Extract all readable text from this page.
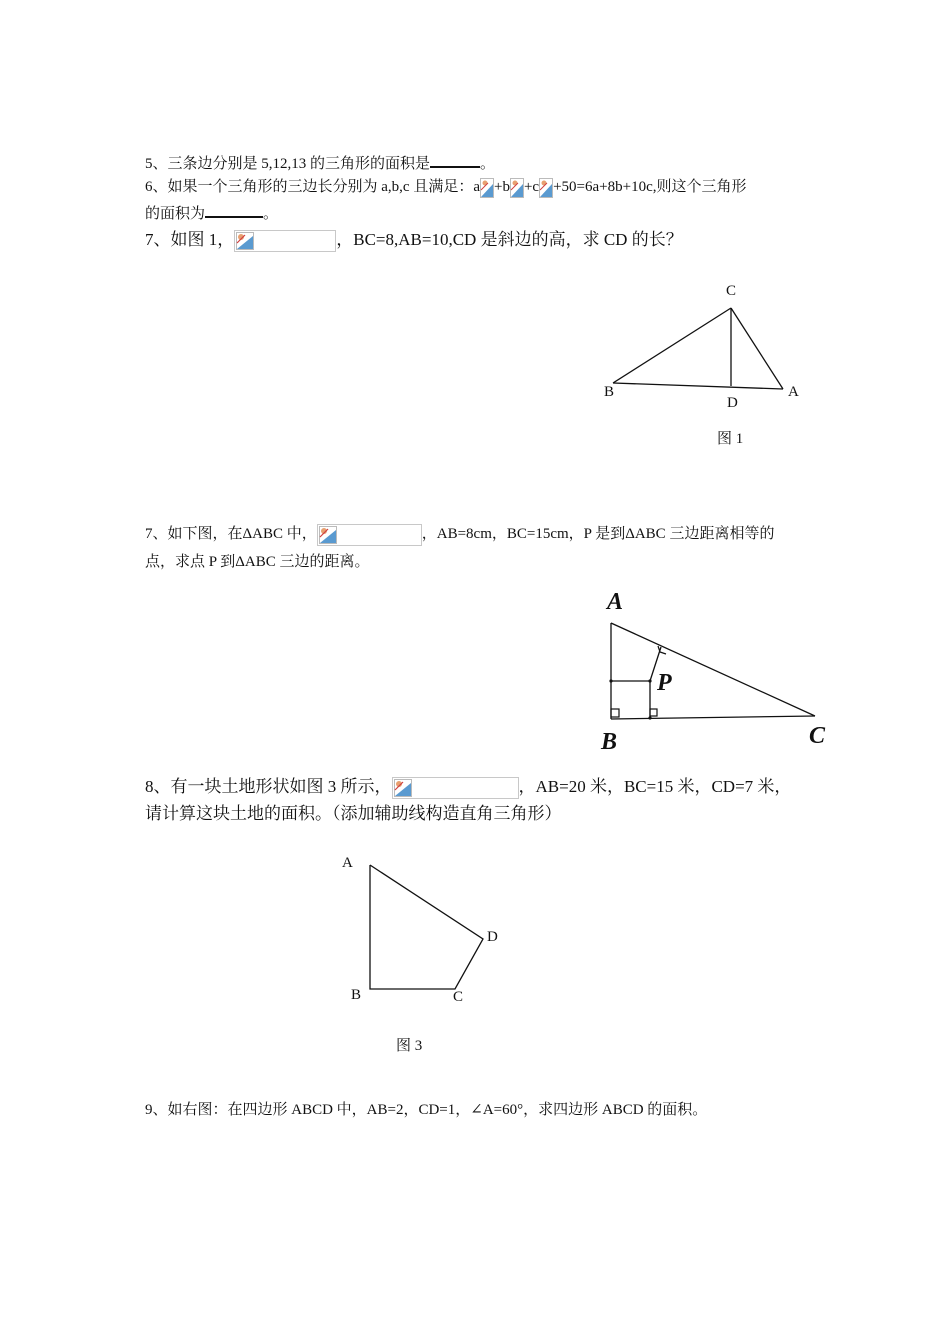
5、三条边分别是 5,12,13 的三角形的面积是	。
6、如果一个三角形的三边长分别为 a,b,c 且满足：a +b +c +50=6a+8b+10c,则这个三角形
的面积为	。
7、如图 1，	，BC=8,AB=10,CD 是斜边的高，求 CD 的长？
C
B	A
D
图 1
7、如下图，在ΔABC 中，	，AB=8cm，BC=15cm，P 是到ΔABC 三边距离相等的
点，求点 P 到ΔABC 三边的距离。
A
B	C
P
8、有一块土地形状如图 3 所示，	，AB=20 米，BC=15 米，CD=7 米，
请计算这块土地的面积。（添加辅助线构造直角三角形）
A
B	C
D
图 3
9、如右图：在四边形 ABCD 中，AB=2，CD=1，∠A=60°，求四边形 ABCD 的面积。
